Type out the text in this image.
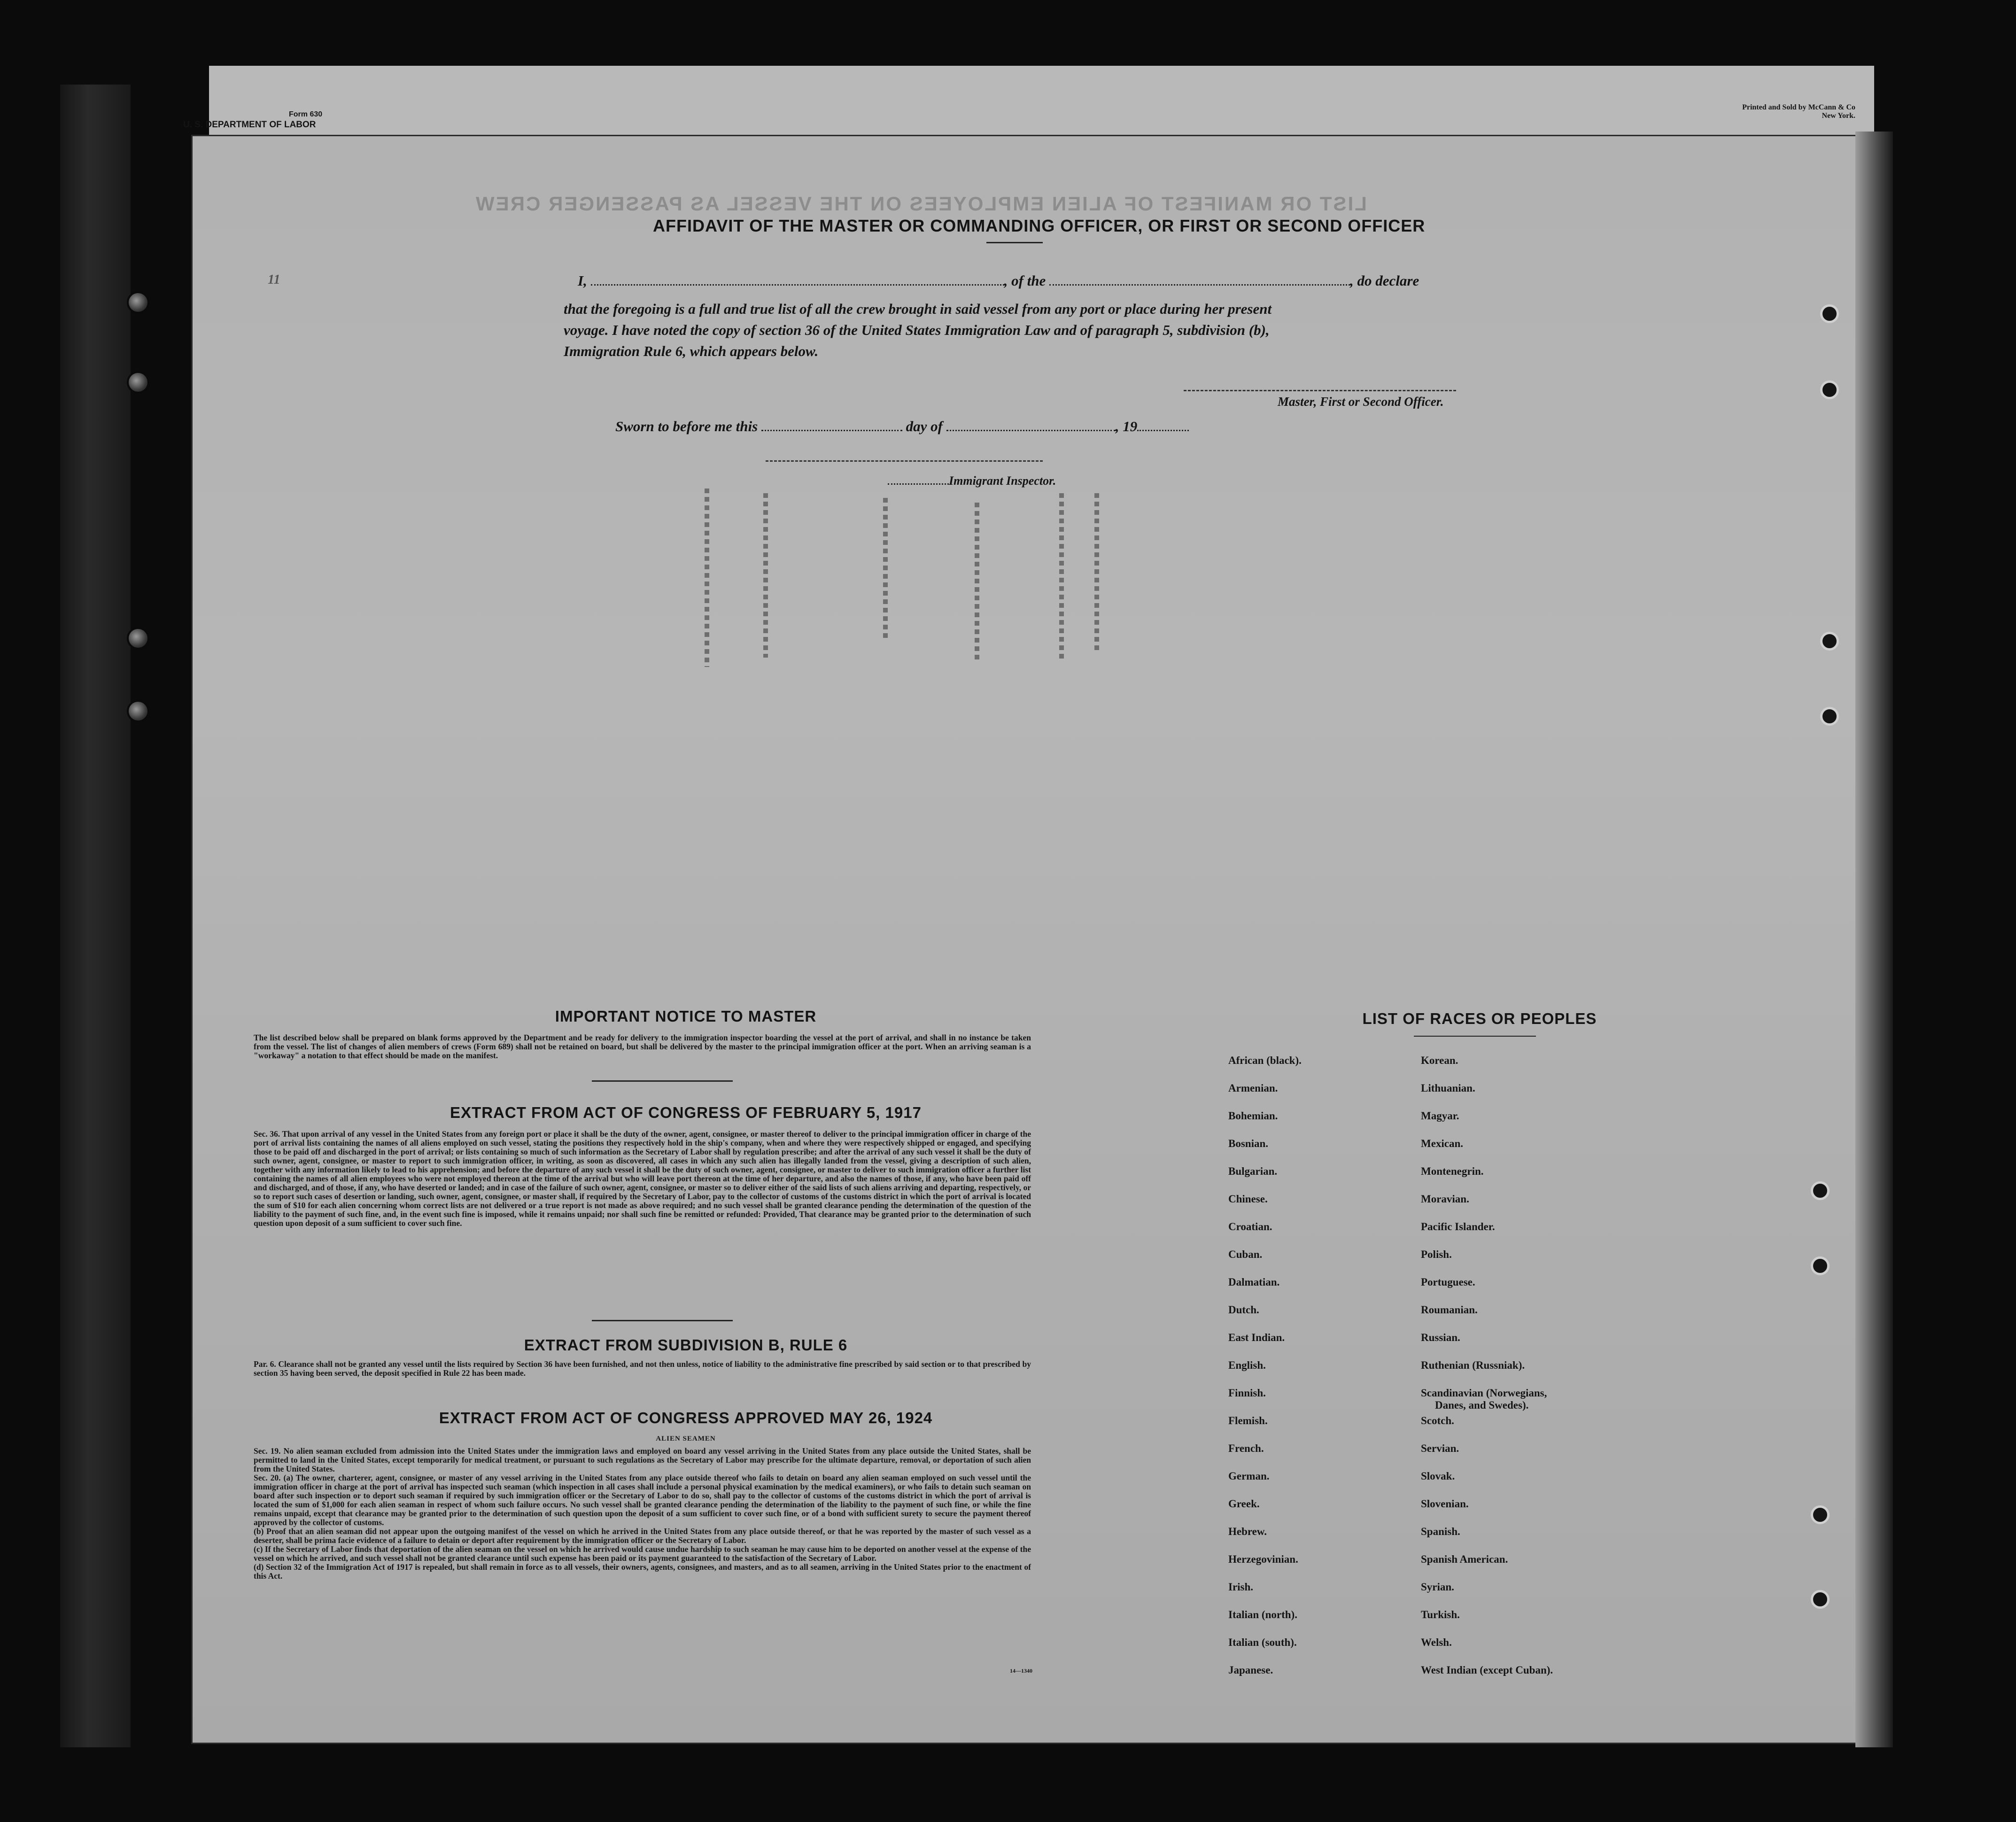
Form 630
U. S. DEPARTMENT OF LABOR
Printed and Sold by McCann & Co
New York.
LIST OR MANIFEST OF ALIEN EMPLOYEES ON THE VESSEL AS PASSENGER CREW
AFFIDAVIT OF THE MASTER OR COMMANDING OFFICER, OR FIRST OR SECOND OFFICER
11	I,	, of the	, do declare
that the foregoing is a full and true list of all the crew brought in said vessel from any port or place during her present
voyage. I have noted the copy of section 36 of the United States Immigration Law and of paragraph 5, subdivision (b),
Immigration Rule 6, which appears below.
Master, First or Second Officer.
Sworn to before me this	day of	, 19
Immigrant Inspector.
IMPORTANT NOTICE TO MASTER
The list described below shall be prepared on blank forms approved by the Department and be ready for delivery to the immigration inspector boarding the vessel at the port of arrival, and shall in no instance be taken from the vessel. The list of changes of alien members of crews (Form 689) shall not be retained on board, but shall be delivered by the master to the principal immigration officer at the port. When an arriving seaman is a "workaway" a notation to that effect should be made on the manifest.
EXTRACT FROM ACT OF CONGRESS OF FEBRUARY 5, 1917
Sec. 36. That upon arrival of any vessel in the United States from any foreign port or place it shall be the duty of the owner, agent, consignee, or master thereof to deliver to the principal immigration officer in charge of the port of arrival lists containing the names of all aliens employed on such vessel, stating the positions they respectively hold in the ship's company, when and where they were respectively shipped or engaged, and specifying those to be paid off and discharged in the port of arrival; or lists containing so much of such information as the Secretary of Labor shall by regulation prescribe; and after the arrival of any such vessel it shall be the duty of such owner, agent, consignee, or master to report to such immigration officer, in writing, as soon as discovered, all cases in which any such alien has illegally landed from the vessel, giving a description of such alien, together with any information likely to lead to his apprehension; and before the departure of any such vessel it shall be the duty of such owner, agent, consignee, or master to deliver to such immigration officer a further list containing the names of all alien employees who were not employed thereon at the time of the arrival but who will leave port thereon at the time of her departure, and also the names of those, if any, who have been paid off and discharged, and of those, if any, who have deserted or landed; and in case of the failure of such owner, agent, consignee, or master so to deliver either of the said lists of such aliens arriving and departing, respectively, or so to report such cases of desertion or landing, such owner, agent, consignee, or master shall, if required by the Secretary of Labor, pay to the collector of customs of the customs district in which the port of arrival is located the sum of $10 for each alien concerning whom correct lists are not delivered or a true report is not made as above required; and no such vessel shall be granted clearance pending the determination of the question of the liability to the payment of such fine, and, in the event such fine is imposed, while it remains unpaid; nor shall such fine be remitted or refunded: Provided, That clearance may be granted prior to the determination of such question upon deposit of a sum sufficient to cover such fine.
EXTRACT FROM SUBDIVISION B, RULE 6
Par. 6. Clearance shall not be granted any vessel until the lists required by Section 36 have been furnished, and not then unless, notice of liability to the administrative fine prescribed by said section or to that prescribed by section 35 having been served, the deposit specified in Rule 22 has been made.
EXTRACT FROM ACT OF CONGRESS APPROVED MAY 26, 1924
ALIEN SEAMEN
Sec. 19. No alien seaman excluded from admission into the United States under the immigration laws and employed on board any vessel arriving in the United States from any place outside the United States, shall be permitted to land in the United States, except temporarily for medical treatment, or pursuant to such regulations as the Secretary of Labor may prescribe for the ultimate departure, removal, or deportation of such alien from the United States.
Sec. 20. (a) The owner, charterer, agent, consignee, or master of any vessel arriving in the United States from any place outside thereof who fails to detain on board any alien seaman employed on such vessel until the immigration officer in charge at the port of arrival has inspected such seaman (which inspection in all cases shall include a personal physical examination by the medical examiners), or who fails to detain such seaman on board after such inspection or to deport such seaman if required by such immigration officer or the Secretary of Labor to do so, shall pay to the collector of customs of the customs district in which the port of arrival is located the sum of $1,000 for each alien seaman in respect of whom such failure occurs. No such vessel shall be granted clearance pending the determination of the liability to the payment of such fine, or while the fine remains unpaid, except that clearance may be granted prior to the determination of such question upon the deposit of a sum sufficient to cover such fine, or of a bond with sufficient surety to secure the payment thereof approved by the collector of customs.
(b) Proof that an alien seaman did not appear upon the outgoing manifest of the vessel on which he arrived in the United States from any place outside thereof, or that he was reported by the master of such vessel as a deserter, shall be prima facie evidence of a failure to detain or deport after requirement by the immigration officer or the Secretary of Labor.
(c) If the Secretary of Labor finds that deportation of the alien seaman on the vessel on which he arrived would cause undue hardship to such seaman he may cause him to be deported on another vessel at the expense of the vessel on which he arrived, and such vessel shall not be granted clearance until such expense has been paid or its payment guaranteed to the satisfaction of the Secretary of Labor.
(d) Section 32 of the Immigration Act of 1917 is repealed, but shall remain in force as to all vessels, their owners, agents, consignees, and masters, and as to all seamen, arriving in the United States prior to the enactment of this Act.
14—1340
LIST OF RACES OR PEOPLES
African (black).
Armenian.
Bohemian.
Bosnian.
Bulgarian.
Chinese.
Croatian.
Cuban.
Dalmatian.
Dutch.
East Indian.
English.
Finnish.
Flemish.
French.
German.
Greek.
Hebrew.
Herzegovinian.
Irish.
Italian (north).
Italian (south).
Japanese.
Korean.
Lithuanian.
Magyar.
Mexican.
Montenegrin.
Moravian.
Pacific Islander.
Polish.
Portuguese.
Roumanian.
Russian.
Ruthenian (Russniak).
Scandinavian (Norwegians,
Danes, and Swedes).
Scotch.
Servian.
Slovak.
Slovenian.
Spanish.
Spanish American.
Syrian.
Turkish.
Welsh.
West Indian (except Cuban).
